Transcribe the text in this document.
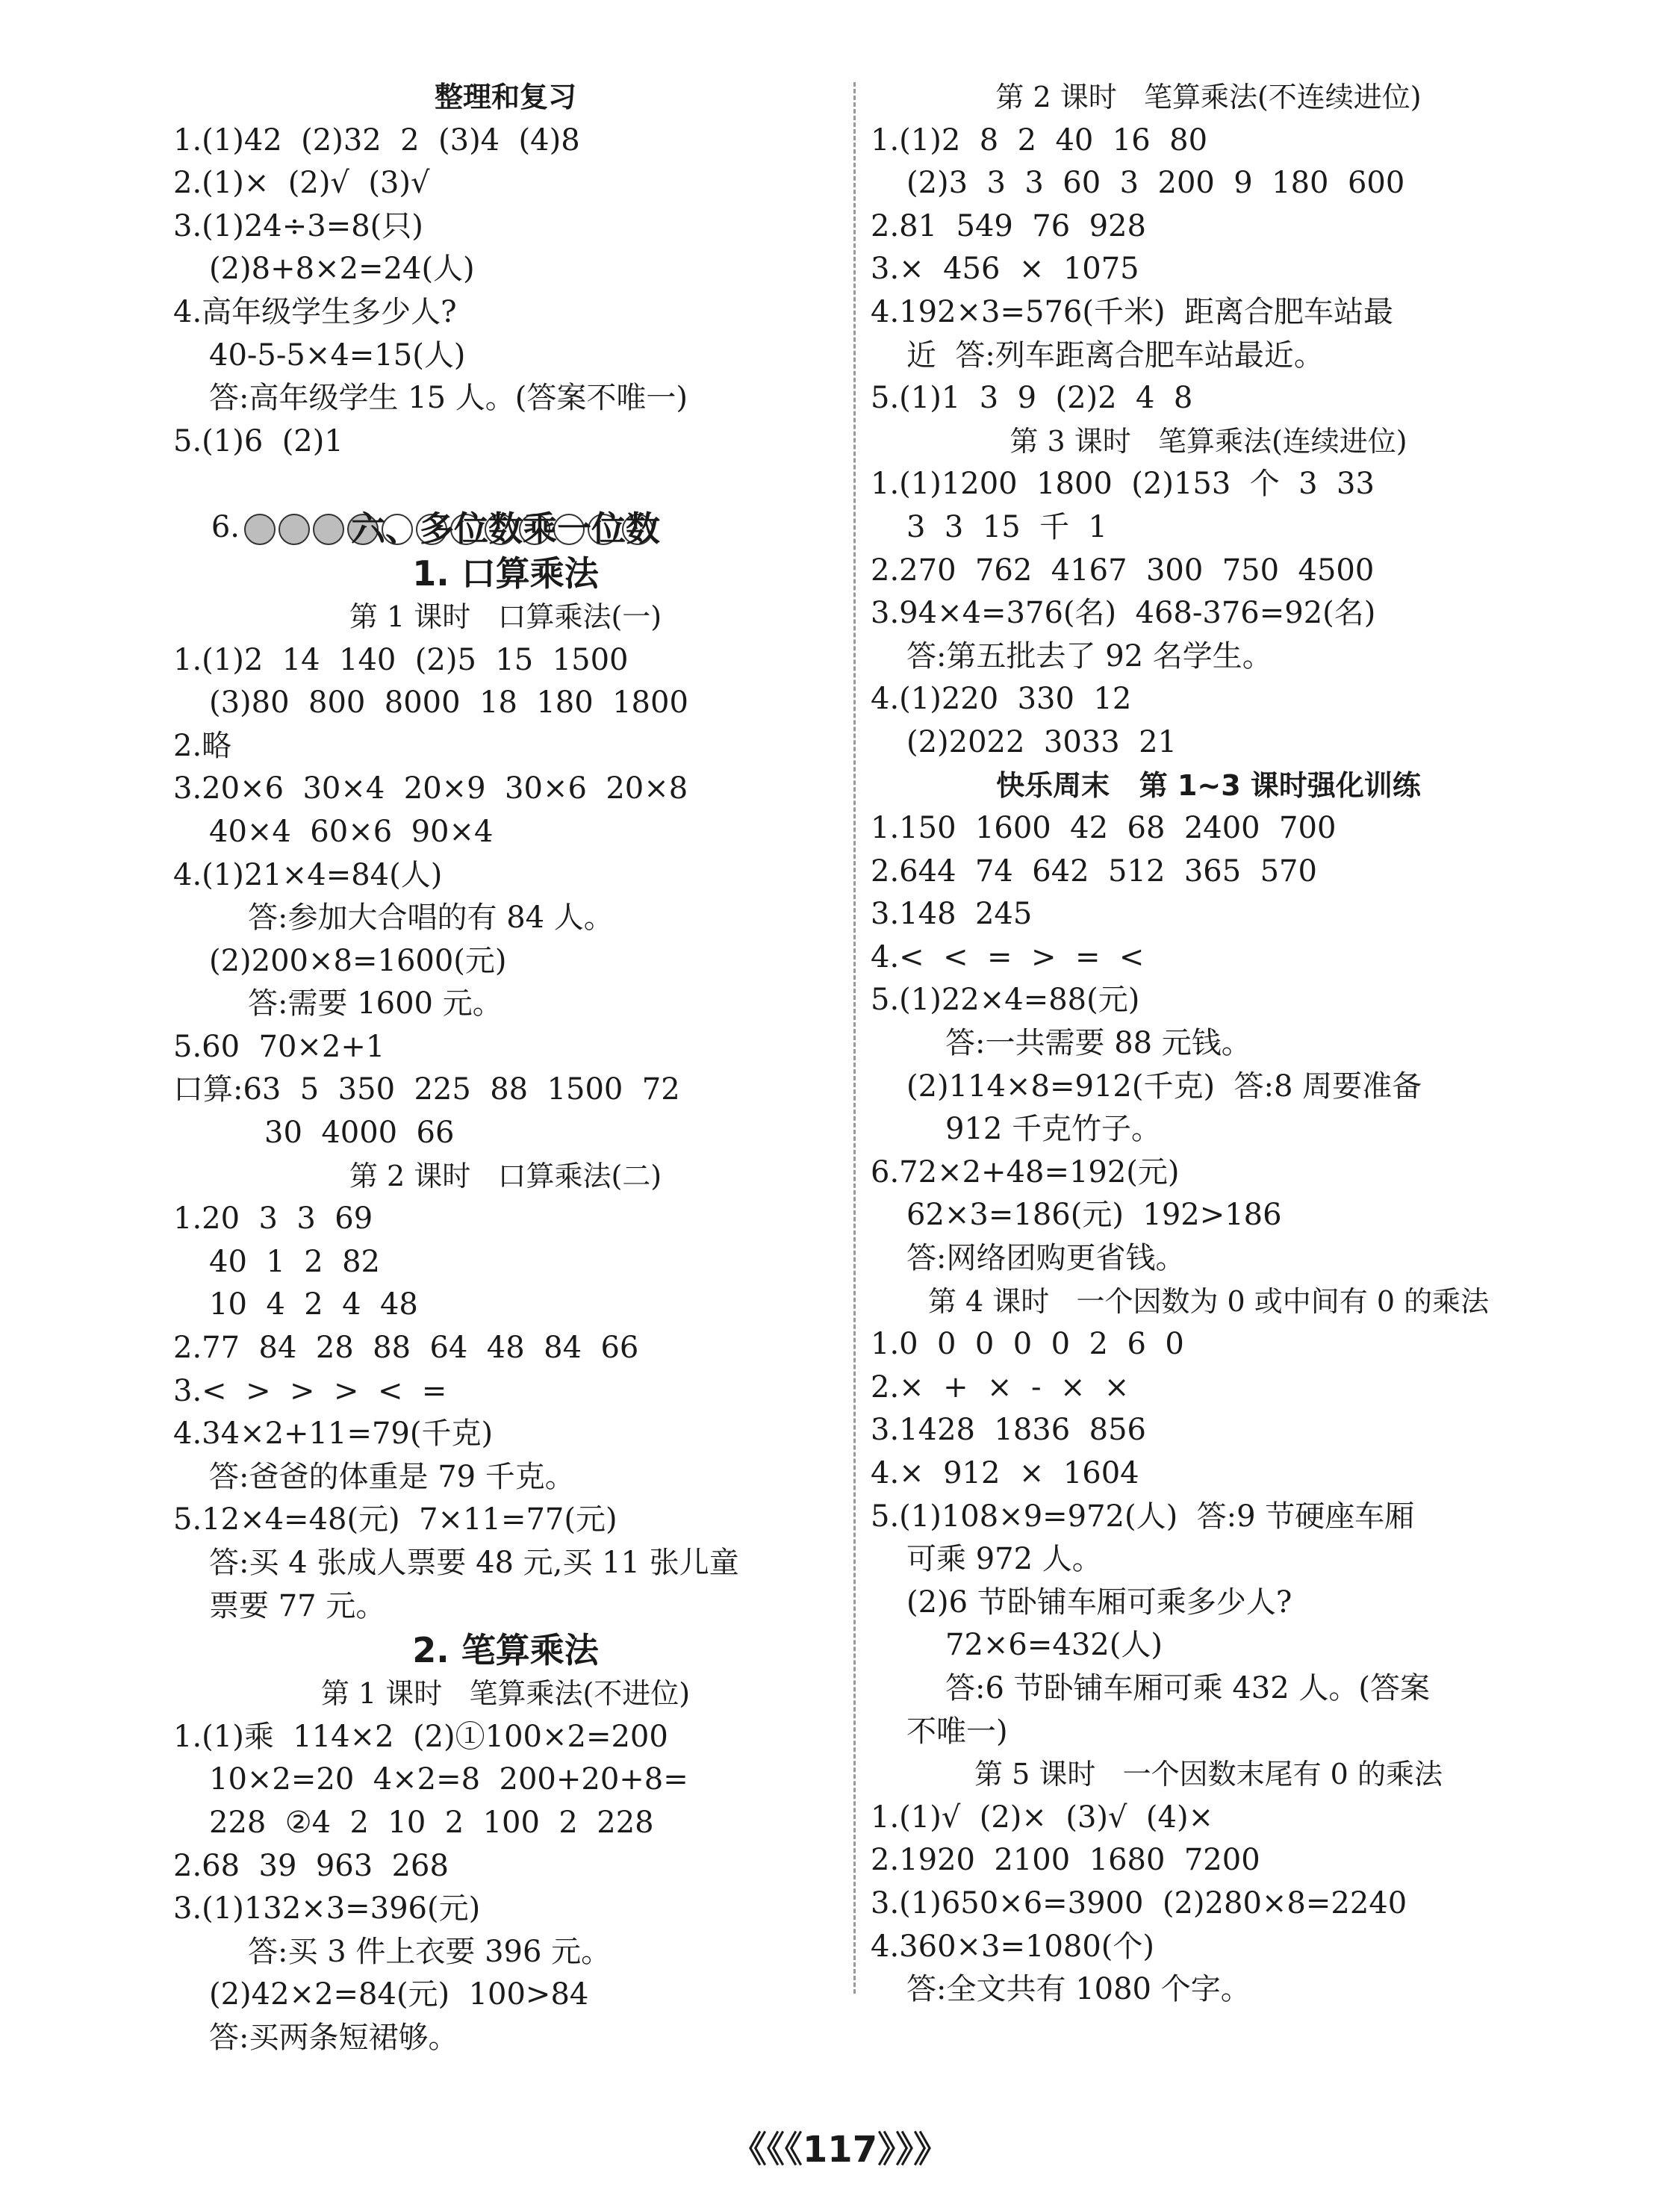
整理和复习
1.(1)42  (2)32  2  (3)4  (4)8
2.(1)×  (2)√  (3)√
3.(1)24÷3=8(只)
(2)8+8×2=24(人)
4.高年级学生多少人?
40-5-5×4=15(人)
答:高年级学生 15 人。(答案不唯一)
5.(1)6  (2)1

6.

	六、多位数乘一位数
1. 口算乘法
第 1 课时   口算乘法(一)
1.(1)2  14  140  (2)5  15  1500
(3)80  800  8000  18  180  1800
2.略
3.20×6  30×4  20×9  30×6  20×8
40×4  60×6  90×4
4.(1)21×4=84(人)
答:参加大合唱的有 84 人。
(2)200×8=1600(元)
答:需要 1600 元。
5.60  70×2+1
口算:63  5  350  225  88  1500  72
30  4000  66
第 2 课时   口算乘法(二)
1.20  3  3  69
40  1  2  82
10  4  2  4  48
2.77  84  28  88  64  48  84  66
3.<  >  >  >  <  =
4.34×2+11=79(千克)
答:爸爸的体重是 79 千克。
5.12×4=48(元)  7×11=77(元)
答:买 4 张成人票要 48 元,买 11 张儿童
票要 77 元。
2. 笔算乘法
第 1 课时   笔算乘法(不进位)
1.(1)乘  114×2  (2)①100×2=200
10×2=20  4×2=8  200+20+8=
228  ②4  2  10  2  100  2  228
2.68  39  963  268
3.(1)132×3=396(元)
答:买 3 件上衣要 396 元。
(2)42×2=84(元)  100>84
答:买两条短裙够。
第 2 课时   笔算乘法(不连续进位)
1.(1)2  8  2  40  16  80
(2)3  3  3  60  3  200  9  180  600
2.81  549  76  928
3.×  456  ×  1075
4.192×3=576(千米)  距离合肥车站最
近  答:列车距离合肥车站最近。
5.(1)1  3  9  (2)2  4  8
第 3 课时   笔算乘法(连续进位)
1.(1)1200  1800  (2)153  个  3  33
3  3  15  千  1
2.270  762  4167  300  750  4500
3.94×4=376(名)  468-376=92(名)
答:第五批去了 92 名学生。
4.(1)220  330  12
(2)2022  3033  21
快乐周末   第 1~3 课时强化训练
1.150  1600  42  68  2400  700
2.644  74  642  512  365  570
3.148  245
4.<  <  =  >  =  <
5.(1)22×4=88(元)
答:一共需要 88 元钱。
(2)114×8=912(千克)  答:8 周要准备
912 千克竹子。
6.72×2+48=192(元)
62×3=186(元)  192>186
答:网络团购更省钱。
第 4 课时   一个因数为 0 或中间有 0 的乘法
1.0  0  0  0  0  2  6  0
2.×  +  ×  -  ×  ×
3.1428  1836  856
4.×  912  ×  1604
5.(1)108×9=972(人)  答:9 节硬座车厢
可乘 972 人。
(2)6 节卧铺车厢可乘多少人?
72×6=432(人)
答:6 节卧铺车厢可乘 432 人。(答案
不唯一)
第 5 课时   一个因数末尾有 0 的乘法
1.(1)√  (2)×  (3)√  (4)×
2.1920  2100  1680  7200
3.(1)650×6=3900  (2)280×8=2240
4.360×3=1080(个)
答:全文共有 1080 个字。
《《《117》》》
